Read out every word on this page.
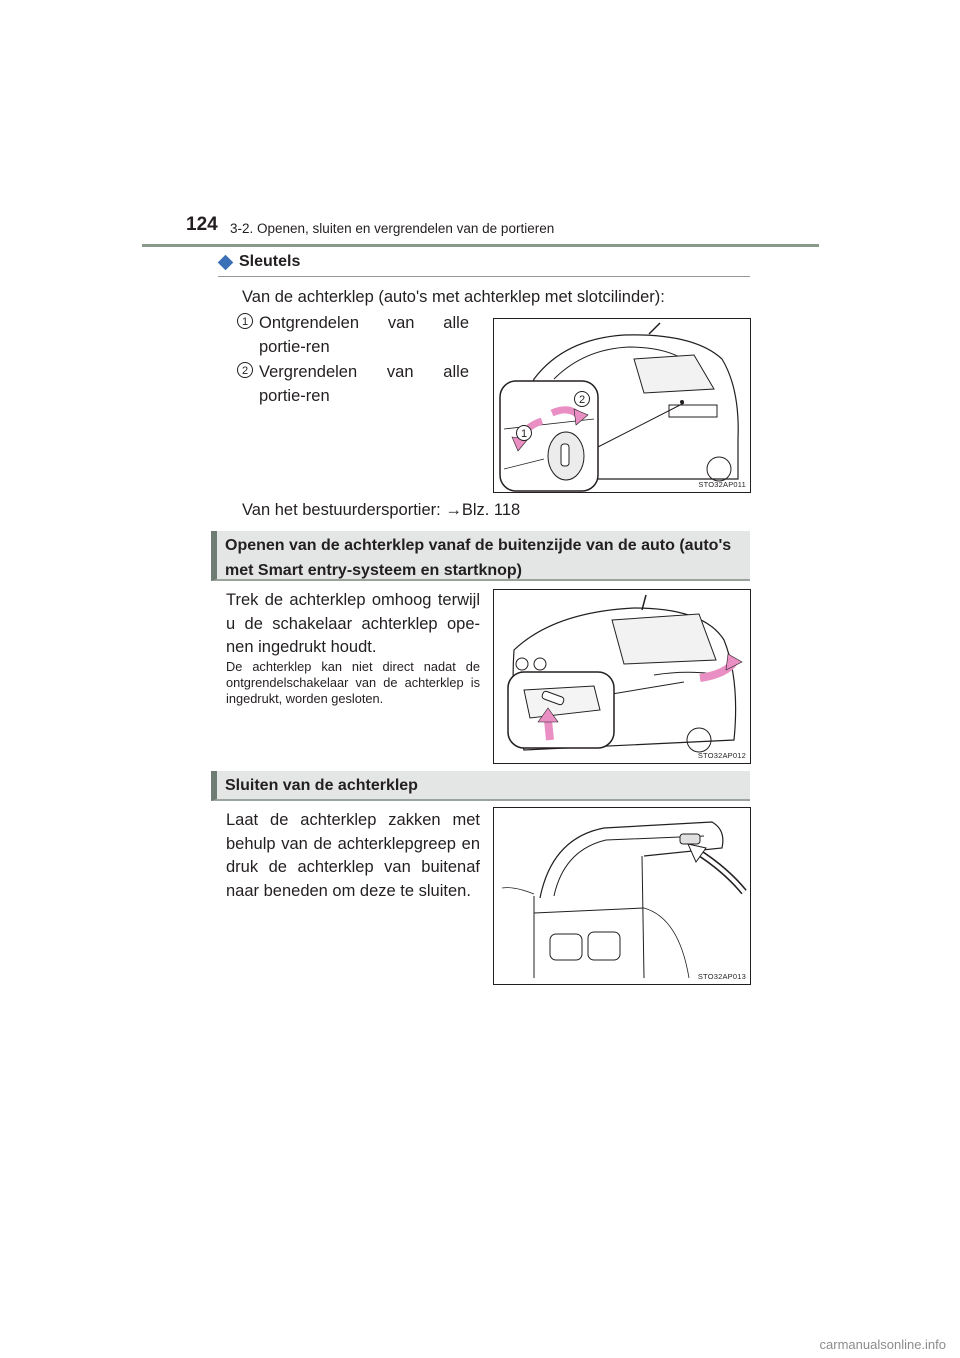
124 3-2. Openen, sluiten en vergrendelen van de portieren
Sleutels
Van de achterklep (auto's met achterklep met slotcilinder):
1 Ontgrendelen van alle portie-ren
2 Vergrendelen van alle portie-ren
1
2
STO32AP011
Van het bestuurdersportier: →Blz. 118
Openen van de achterklep vanaf de buitenzijde van de auto (auto's met Smart entry-systeem en startknop)
Trek de achterklep omhoog terwijl u de schakelaar achterklep ope-nen ingedrukt houdt.
De achterklep kan niet direct nadat de ontgrendelschakelaar van de achterklep is ingedrukt, worden gesloten.
STO32AP012
Sluiten van de achterklep
Laat de achterklep zakken met behulp van de achterklepgreep en druk de achterklep van buitenaf naar beneden om deze te sluiten.
STO32AP013
carmanualsonline.info
